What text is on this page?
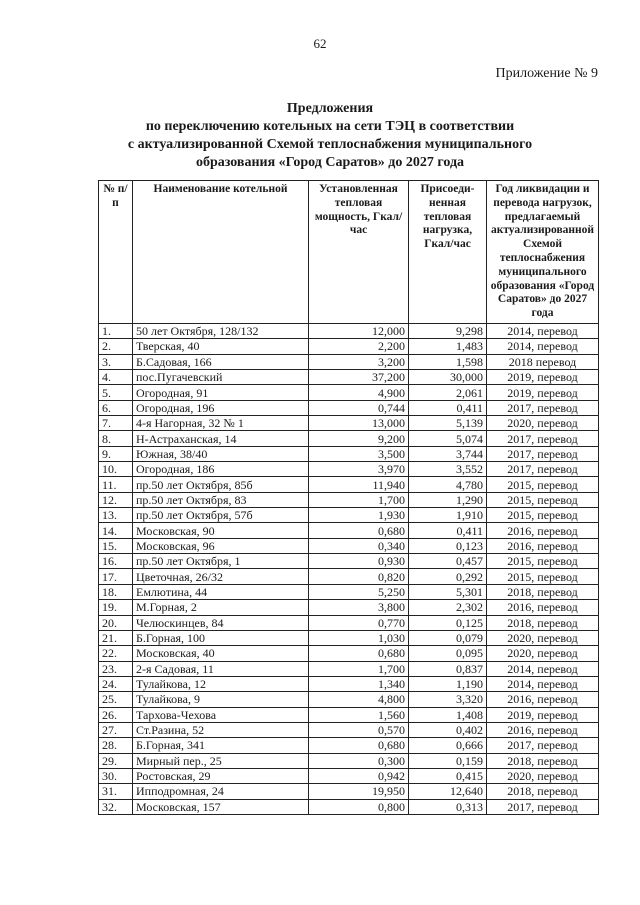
62
Приложение № 9
Предложения
по переключению котельных на сети ТЭЦ в соответствии
с актуализированной Схемой теплоснабжения муниципального
образования «Город Саратов» до 2027 года
№ п/п	Наименование котельной	Установленная тепловая мощность, Гкал/час	Присоеди-ненная тепловая нагрузка, Гкал/час	Год ликвидации и перевода нагрузок, предлагаемый актуализированной Схемой теплоснабжения муниципального образования «Город Саратов» до 2027 года
1.	50 лет Октября, 128/132	12,000	9,298	2014, перевод
2.	Тверская, 40	2,200	1,483	2014, перевод
3.	Б.Садовая, 166	3,200	1,598	2018 перевод
4.	пос.Пугачевский	37,200	30,000	2019, перевод
5.	Огородная, 91	4,900	2,061	2019, перевод
6.	Огородная, 196	0,744	0,411	2017, перевод
7.	4-я Нагорная, 32 № 1	13,000	5,139	2020, перевод
8.	Н-Астраханская, 14	9,200	5,074	2017, перевод
9.	Южная, 38/40	3,500	3,744	2017, перевод
10.	Огородная, 186	3,970	3,552	2017, перевод
11.	пр.50 лет Октября, 85б	11,940	4,780	2015, перевод
12.	пр.50 лет Октября, 83	1,700	1,290	2015, перевод
13.	пр.50 лет Октября, 57б	1,930	1,910	2015, перевод
14.	Московская, 90	0,680	0,411	2016, перевод
15.	Московская, 96	0,340	0,123	2016, перевод
16.	пр.50 лет Октября, 1	0,930	0,457	2015, перевод
17.	Цветочная, 26/32	0,820	0,292	2015, перевод
18.	Емлютина, 44	5,250	5,301	2018, перевод
19.	М.Горная, 2	3,800	2,302	2016, перевод
20.	Челюскинцев, 84	0,770	0,125	2018, перевод
21.	Б.Горная, 100	1,030	0,079	2020, перевод
22.	Московская, 40	0,680	0,095	2020, перевод
23.	2-я Садовая, 11	1,700	0,837	2014, перевод
24.	Тулайкова, 12	1,340	1,190	2014, перевод
25.	Тулайкова, 9	4,800	3,320	2016, перевод
26.	Тархова-Чехова	1,560	1,408	2019, перевод
27.	Ст.Разина, 52	0,570	0,402	2016, перевод
28.	Б.Горная, 341	0,680	0,666	2017, перевод
29.	Мирный пер., 25	0,300	0,159	2018, перевод
30.	Ростовская, 29	0,942	0,415	2020, перевод
31.	Ипподромная, 24	19,950	12,640	2018, перевод
32.	Московская, 157	0,800	0,313	2017, перевод
